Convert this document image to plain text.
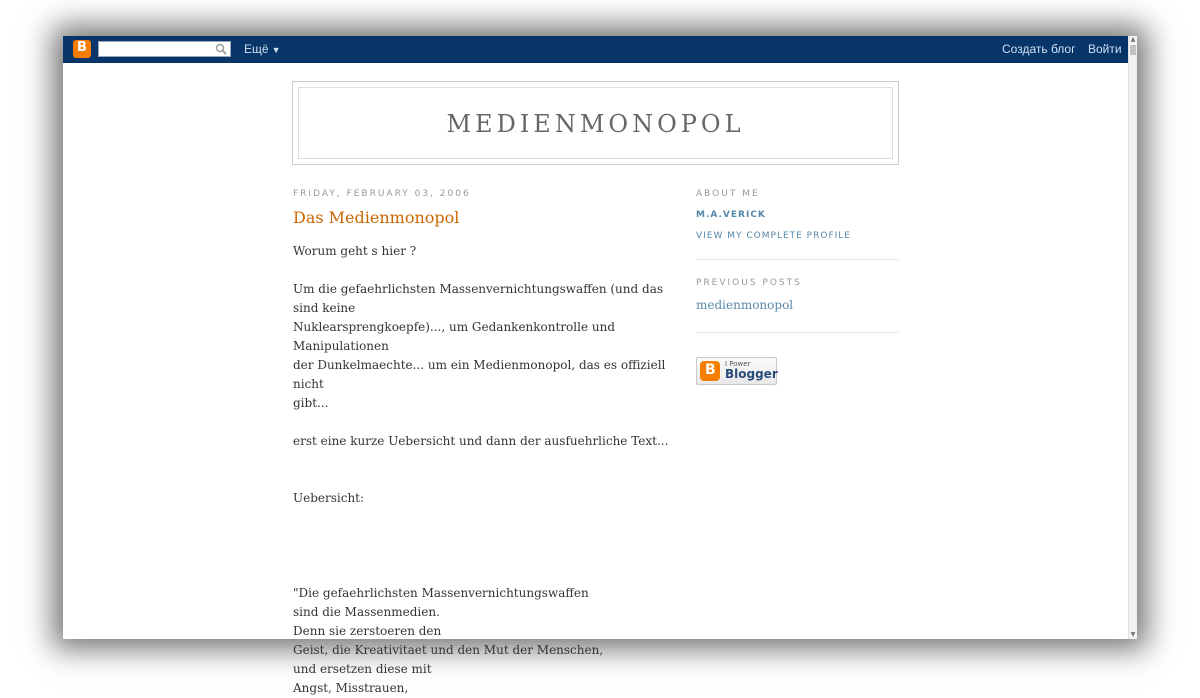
B	Ещё ▼	Создать блог Войти
▲
▼
MEDIENMONOPOL
FRIDAY, FEBRUARY 03, 2006
Das Medienmonopol

Worum geht s hier ?

Um die gefaehrlichsten Massenvernichtungswaffen (und das sind keine

Nuklearsprengkoepfe)..., um Gedankenkontrolle und Manipulationen

der Dunkelmaechte... um ein Medienmonopol, das es offiziell nicht

gibt...

erst eine kurze Uebersicht und dann der ausfuehrliche Text...

Uebersicht:

"Die gefaehrlichsten Massenvernichtungswaffen

sind die Massenmedien.

Denn sie zerstoeren den

Geist, die Kreativitaet und den Mut der Menschen,

und ersetzen diese mit

Angst, Misstrauen,

ABOUT ME
M.A.VERICK
VIEW MY COMPLETE PROFILE
PREVIOUS POSTS
medienmonopol
B I Power
Blogger
